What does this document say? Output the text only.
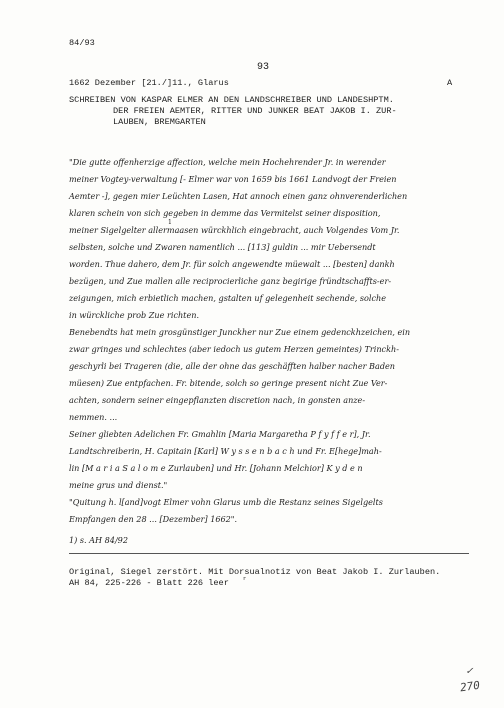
84/93
93
1662 Dezember [21./]11., Glarus	A
SCHREIBEN VON KASPAR ELMER AN DEN LANDSCHREIBER UND LANDESHPTM.
DER FREIEN AEMTER, RITTER UND JUNKER BEAT JAKOB I. ZUR-
LAUBEN, BREMGARTEN
"Die gutte offenherzige affection, welche mein Hochehrender Jr. in werender
meiner Vogtey-verwaltung [- Elmer war von 1659 bis 1661 Landvogt der Freien
Aemter -], gegen mier Leüchten Lasen, Hat annoch einen ganz ohnverenderlichen
klaren schein von sich gegeben in demme das Vermitelst seiner disposition,
meiner Sigelgelter allermaasen würckhlich eingebracht, auch Volgendes Vom Jr.
1
selbsten, solche und Zwaren namentlich ... [113] guldin ... mir Uebersendt
worden. Thue dahero, dem Jr. für solch angewendte müewalt ... [besten] dankh
bezügen, und Zue mallen alle reciprocierliche ganz begirige fründtschaffts-er-
zeigungen, mich erbietlich machen, gstalten uf gelegenheit sechende, solche
in würckliche prob Zue richten.
Benebendts hat mein grosgünstiger Junckher nur Zue einem gedenckhzeichen, ein
zwar gringes und schlechtes (aber iedoch us gutem Herzen gemeintes) Trinckh-
geschyrli bei Trageren (die, alle der ohne das geschäfften halber nacher Baden
müesen) Zue entpfachen. Fr. bitende, solch so geringe present nicht Zue Ver-
achten, sondern seiner eingepflanzten discretion nach, in gonsten anze-
nemmen. ...
Seiner gliebten Adelichen Fr. Gmahlin [Maria Margaretha P f y f f e r], Jr.
Landtschreiberin, H. Capitain [Karl] W y s s e n b a c h und Fr. E[hege]mah-
lin [M a r i a S a l o m e Zurlauben] und Hr. [Johann Melchior] K y d e n
meine grus und dienst."
"Quitung h. l[and]vogt Elmer vohn Glarus umb die Restanz seines Sigelgelts
Empfangen den 28 ... [Dezember] 1662".
1) s. AH 84/92
Original, Siegel zerstört. Mit Dorsualnotiz von Beat Jakob I. Zurlauben.
AH 84, 225-226 - Blatt 226 leer	r
✓
270
